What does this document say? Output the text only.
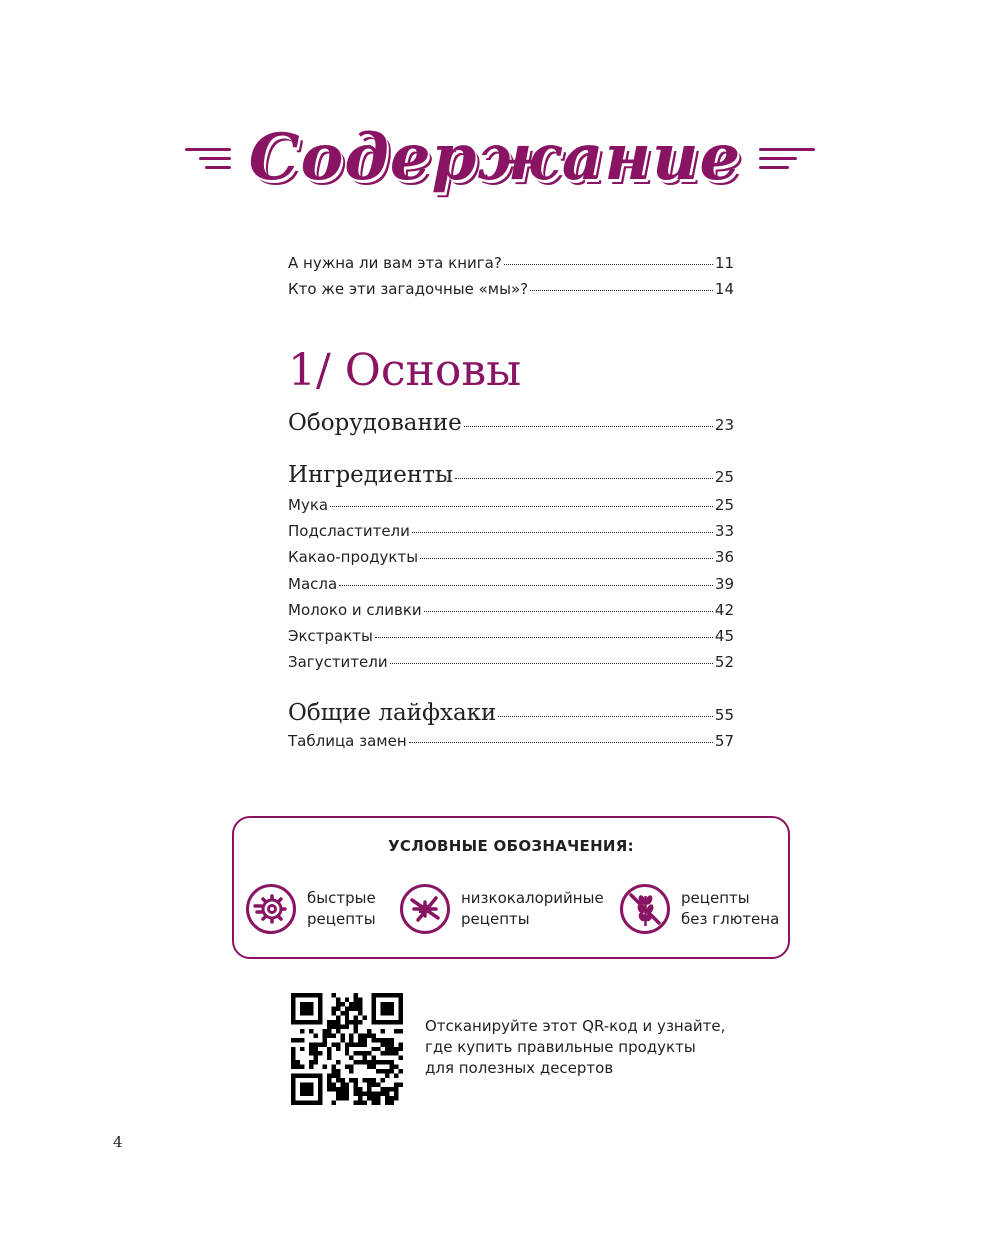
Содержание
А нужна ли вам эта книга?	11
Кто же эти загадочные «мы»?	14
Оборудование	23
Ингредиенты	25
Мука	25
Подсластители	33
Какао-продукты	36
Масла	39
Молоко и сливки	42
Экстракты	45
Загустители	52
Общие лайфхаки	55
Таблица замен	57
1/ Основы
УСЛОВНЫЕ ОБОЗНАЧЕНИЯ:
быстрые
рецепты
низкокалорийные
рецепты
рецепты
без глютена
Отсканируйте этот QR-код и узнайте,
где купить правильные продукты
для полезных десертов
4
